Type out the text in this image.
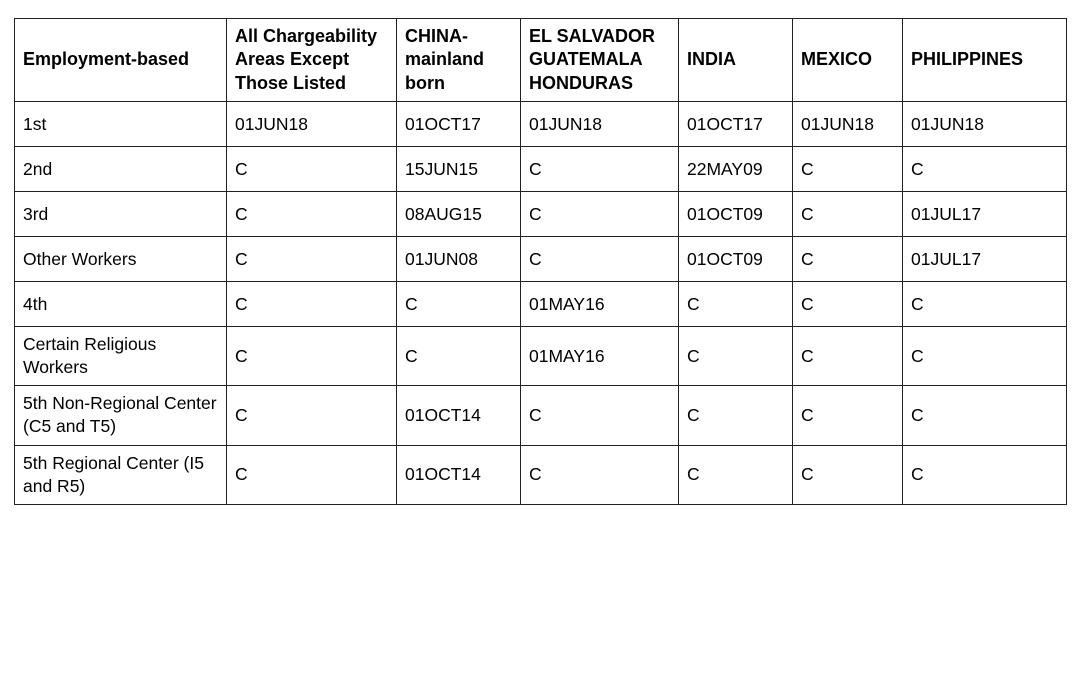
Employment-based	All Chargeability Areas Except Those Listed	CHINA-mainland born	EL SALVADOR GUATEMALA HONDURAS	INDIA	MEXICO	PHILIPPINES
1st	01JUN18	01OCT17	01JUN18	01OCT17	01JUN18	01JUN18
2nd	C	15JUN15	C	22MAY09	C	C
3rd	C	08AUG15	C	01OCT09	C	01JUL17
Other Workers	C	01JUN08	C	01OCT09	C	01JUL17
4th	C	C	01MAY16	C	C	C
Certain Religious Workers	C	C	01MAY16	C	C	C
5th Non-Regional Center (C5 and T5)	C	01OCT14	C	C	C	C
5th Regional Center (I5 and R5)	C	01OCT14	C	C	C	C
